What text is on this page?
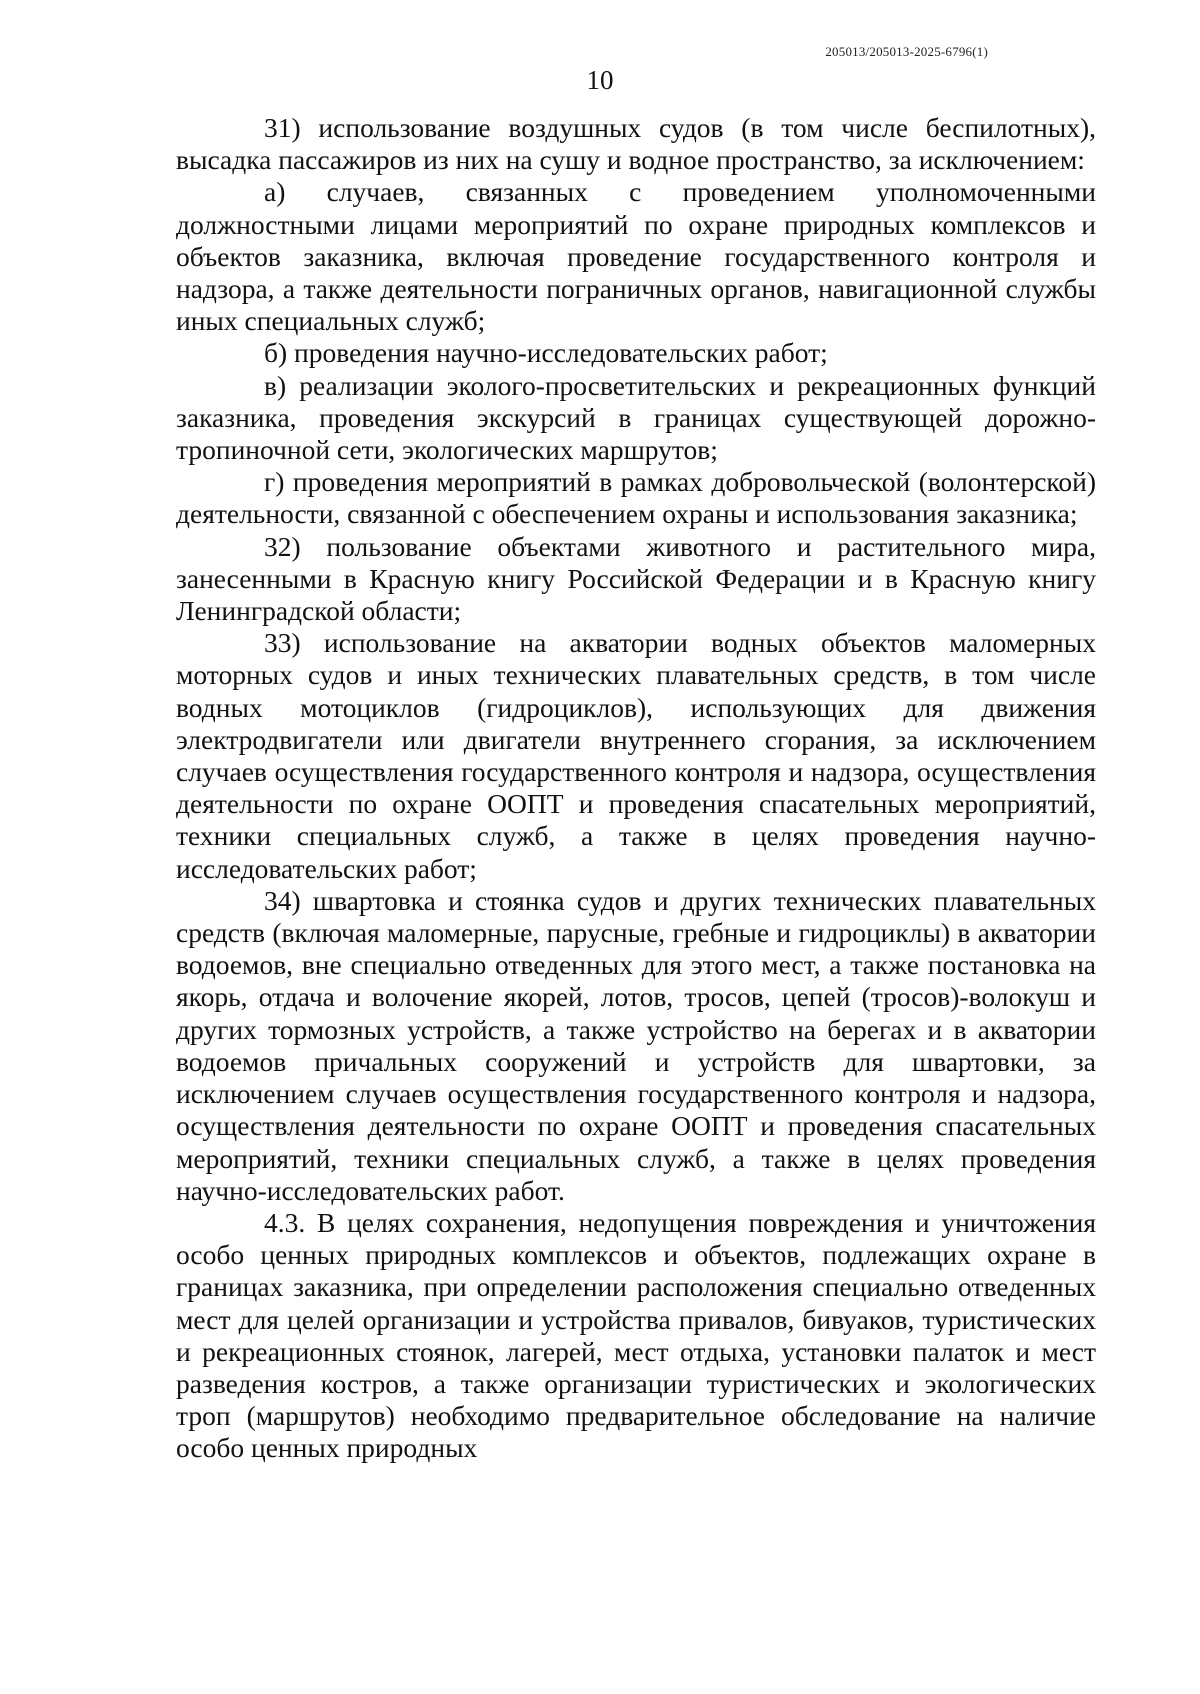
205013/205013-2025-6796(1)
10

31) использование воздушных судов (в том числе беспилотных), высадка пассажиров из них на сушу и водное пространство, за исключением:

а) случаев, связанных с проведением уполномоченными должностными лицами мероприятий по охране природных комплексов и объектов заказника, включая проведение государственного контроля и надзора, а также деятельности пограничных органов, навигационной службы иных специальных служб;

б) проведения научно-исследовательских работ;

в) реализации эколого-просветительских и рекреационных функций заказника, проведения экскурсий в границах существующей дорожно-тропиночной сети, экологических маршрутов;

г) проведения мероприятий в рамках добровольческой (волонтерской) деятельности, связанной с обеспечением охраны и использования заказника;

32) пользование объектами животного и растительного мира, занесенными в Красную книгу Российской Федерации и в Красную книгу Ленинградской области;

33) использование на акватории водных объектов маломерных моторных судов и иных технических плавательных средств, в том числе водных мотоциклов (гидроциклов), использующих для движения электродвигатели или двигатели внутреннего сгорания, за исключением случаев осуществления государственного контроля и надзора, осуществления деятельности по охране ООПТ и проведения спасательных мероприятий, техники специальных служб, а также в целях проведения научно-исследовательских работ;

34) швартовка и стоянка судов и других технических плавательных средств (включая маломерные, парусные, гребные и гидроциклы) в акватории водоемов, вне специально отведенных для этого мест, а также постановка на якорь, отдача и волочение якорей, лотов, тросов, цепей (тросов)-волокуш и других тормозных устройств, а также устройство на берегах и в акватории водоемов причальных сооружений и устройств для швартовки, за исключением случаев осуществления государственного контроля и надзора, осуществления деятельности по охране ООПТ и проведения спасательных мероприятий, техники специальных служб, а также в целях проведения научно-исследовательских работ.

4.3. В целях сохранения, недопущения повреждения и уничтожения особо ценных природных комплексов и объектов, подлежащих охране в границах заказника, при определении расположения специально отведенных мест для целей организации и устройства привалов, бивуаков, туристических и рекреационных стоянок, лагерей, мест отдыха, установки палаток и мест разведения костров, а также организации туристических и экологических троп (маршрутов) необходимо предварительное обследование на наличие особо ценных природных
